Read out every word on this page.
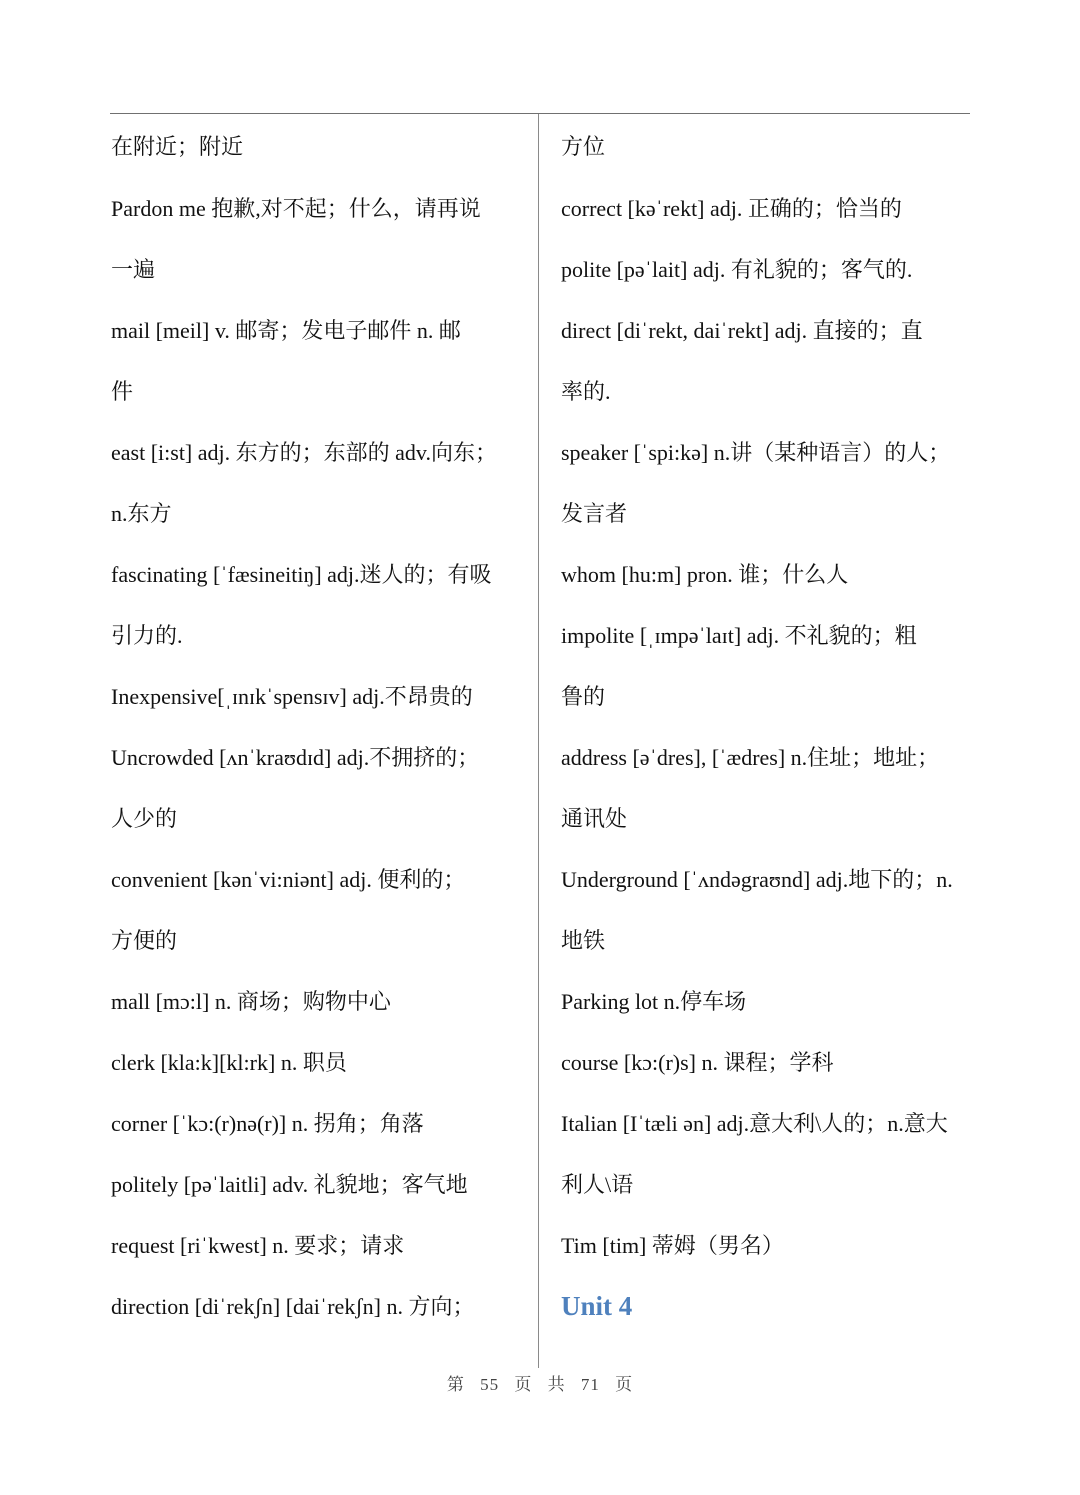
在附近；附近
Pardon me 抱歉,对不起；什么，请再说
一遍
mail [meil] v. 邮寄；发电子邮件 n. 邮
件
east [i:st] adj. 东方的；东部的 adv.向东；
n.东方
fascinating [ˈfæsineitiŋ] adj.迷人的；有吸
引力的.
Inexpensive[ˌɪnɪkˈspensɪv] adj.不昂贵的
Uncrowded [ʌnˈkraʊdɪd] adj.不拥挤的；
人少的
convenient [kənˈvi:niənt] adj. 便利的；
方便的
mall [mɔ:l] n. 商场；购物中心
clerk [kla:k][kl:rk] n. 职员
corner [ˈkɔ:(r)nə(r)] n. 拐角；角落
politely [pəˈlaitli] adv. 礼貌地；客气地
request [riˈkwest] n. 要求；请求
direction [diˈrekʃn] [daiˈrekʃn] n. 方向；
方位
correct [kəˈrekt] adj. 正确的；恰当的
polite [pəˈlait] adj. 有礼貌的；客气的.
direct [diˈrekt, daiˈrekt] adj. 直接的；直
率的.
speaker [ˈspi:kə] n.讲（某种语言）的人；
发言者
whom [hu:m] pron. 谁；什么人
impolite [ˌɪmpəˈlaɪt] adj. 不礼貌的；粗
鲁的
address [əˈdres], [ˈædres] n.住址；地址；
通讯处
Underground [ˈʌndəgraʊnd] adj.地下的；n.
地铁
Parking lot n.停车场
course [kɔ:(r)s] n. 课程；学科
Italian [Iˈtæli ən] adj.意大利\人的；n.意大
利人\语
Tim [tim] 蒂姆（男名）
Unit 4
第 55 页 共 71 页
